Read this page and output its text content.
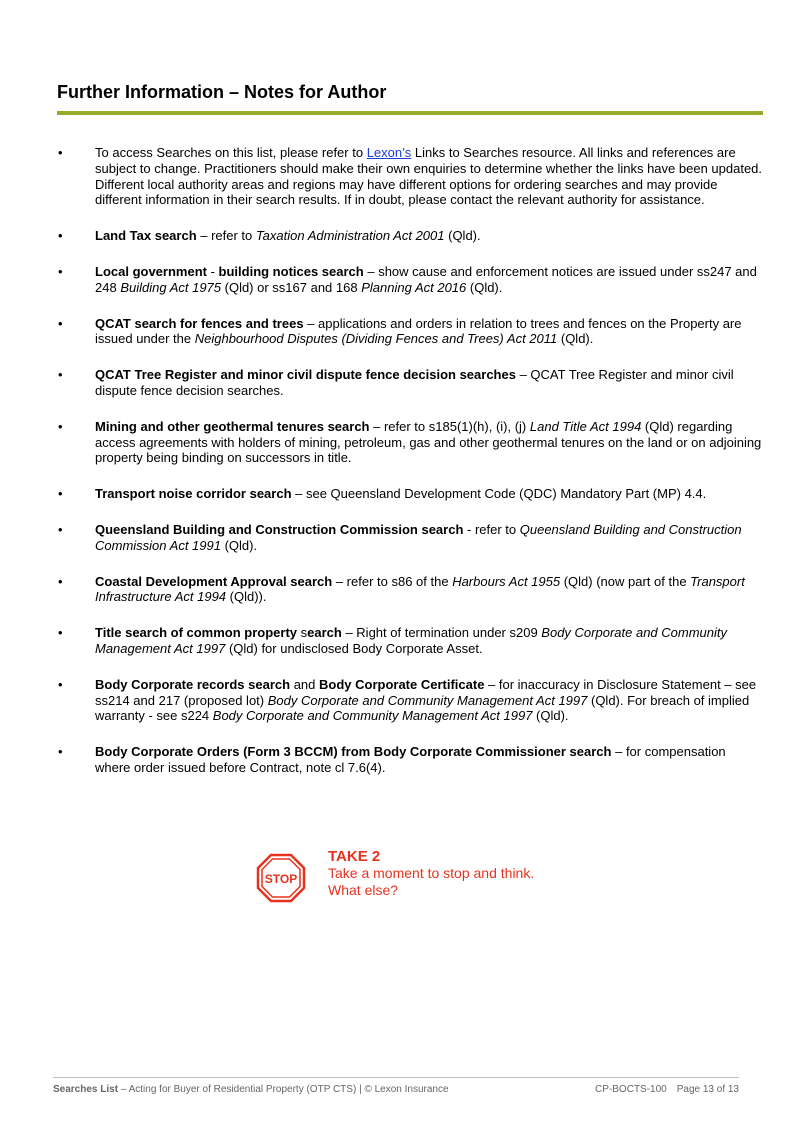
Further Information – Notes for Author
• To access Searches on this list, please refer to Lexon’s Links to Searches resource. All links and references are subject to change. Practitioners should make their own enquiries to determine whether the links have been updated. Different local authority areas and regions may have different options for ordering searches and may provide different information in their search results. If in doubt, please contact the relevant authority for assistance.
• Land Tax search – refer to Taxation Administration Act 2001 (Qld).
• Local government - building notices search – show cause and enforcement notices are issued under ss247 and 248 Building Act 1975 (Qld) or ss167 and 168 Planning Act 2016 (Qld).
• QCAT search for fences and trees – applications and orders in relation to trees and fences on the Property are issued under the Neighbourhood Disputes (Dividing Fences and Trees) Act 2011 (Qld).
• QCAT Tree Register and minor civil dispute fence decision searches – QCAT Tree Register and minor civil dispute fence decision searches.
• Mining and other geothermal tenures search – refer to s185(1)(h), (i), (j) Land Title Act 1994 (Qld) regarding access agreements with holders of mining, petroleum, gas and other geothermal tenures on the land or on adjoining property being binding on successors in title.
• Transport noise corridor search – see Queensland Development Code (QDC) Mandatory Part (MP) 4.4.
• Queensland Building and Construction Commission search - refer to Queensland Building and Construction Commission Act 1991 (Qld).
• Coastal Development Approval search – refer to s86 of the Harbours Act 1955 (Qld) (now part of the Transport Infrastructure Act 1994 (Qld)).
• Title search of common property search – Right of termination under s209 Body Corporate and Community Management Act 1997 (Qld) for undisclosed Body Corporate Asset.
• Body Corporate records search and Body Corporate Certificate – for inaccuracy in Disclosure Statement – see ss214 and 217 (proposed lot) Body Corporate and Community Management Act 1997 (Qld). For breach of implied warranty - see s224 Body Corporate and Community Management Act 1997 (Qld).
• Body Corporate Orders (Form 3 BCCM) from Body Corporate Commissioner search – for compensation where order issued before Contract, note cl 7.6(4).
STOP
TAKE 2
Take a moment to stop and think.
What else?
Searches List – Acting for Buyer of Residential Property (OTP CTS) | © Lexon Insurance	CP-BOCTS-100 Page 13 of 13
